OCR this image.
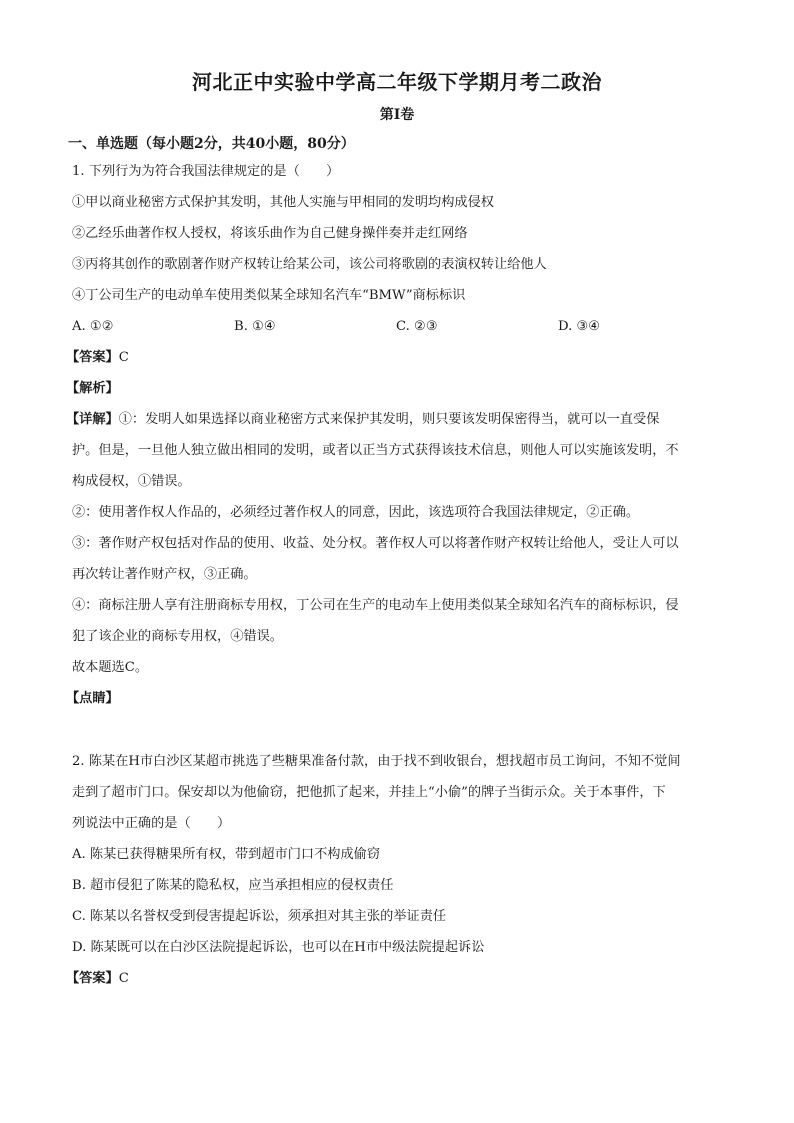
河北正中实验中学高二年级下学期月考二政治
第Ⅰ卷
一、单选题（每小题2分，共40小题，80分）
1. 下列行为为符合我国法律规定的是（　　）
①甲以商业秘密方式保护其发明，其他人实施与甲相同的发明均构成侵权
②乙经乐曲著作权人授权，将该乐曲作为自己健身操伴奏并走红网络
③丙将其创作的歌剧著作财产权转让给某公司，该公司将歌剧的表演权转让给他人
④丁公司生产的电动单车使用类似某全球知名汽车“BMW”商标标识
A. ①②	B. ①④	C. ②③	D. ③④
【答案】C
【解析】
【详解】①：发明人如果选择以商业秘密方式来保护其发明，则只要该发明保密得当，就可以一直受保
护。但是，一旦他人独立做出相同的发明，或者以正当方式获得该技术信息，则他人可以实施该发明，不
构成侵权，①错误。
②：使用著作权人作品的，必须经过著作权人的同意，因此，该选项符合我国法律规定，②正确。
③：著作财产权包括对作品的使用、收益、处分权。著作权人可以将著作财产权转让给他人，受让人可以
再次转让著作财产权，③正确。
④：商标注册人享有注册商标专用权，丁公司在生产的电动车上使用类似某全球知名汽车的商标标识，侵
犯了该企业的商标专用权，④错误。
故本题选C。
【点睛】
2. 陈某在H市白沙区某超市挑选了些糖果准备付款，由于找不到收银台，想找超市员工询问，不知不觉间
走到了超市门口。保安却以为他偷窃，把他抓了起来，并挂上“小偷”的牌子当街示众。关于本事件，下
列说法中正确的是（　　）
A. 陈某已获得糖果所有权，带到超市门口不构成偷窃
B. 超市侵犯了陈某的隐私权，应当承担相应的侵权责任
C. 陈某以名誉权受到侵害提起诉讼，须承担对其主张的举证责任
D. 陈某既可以在白沙区法院提起诉讼，也可以在H市中级法院提起诉讼
【答案】C
